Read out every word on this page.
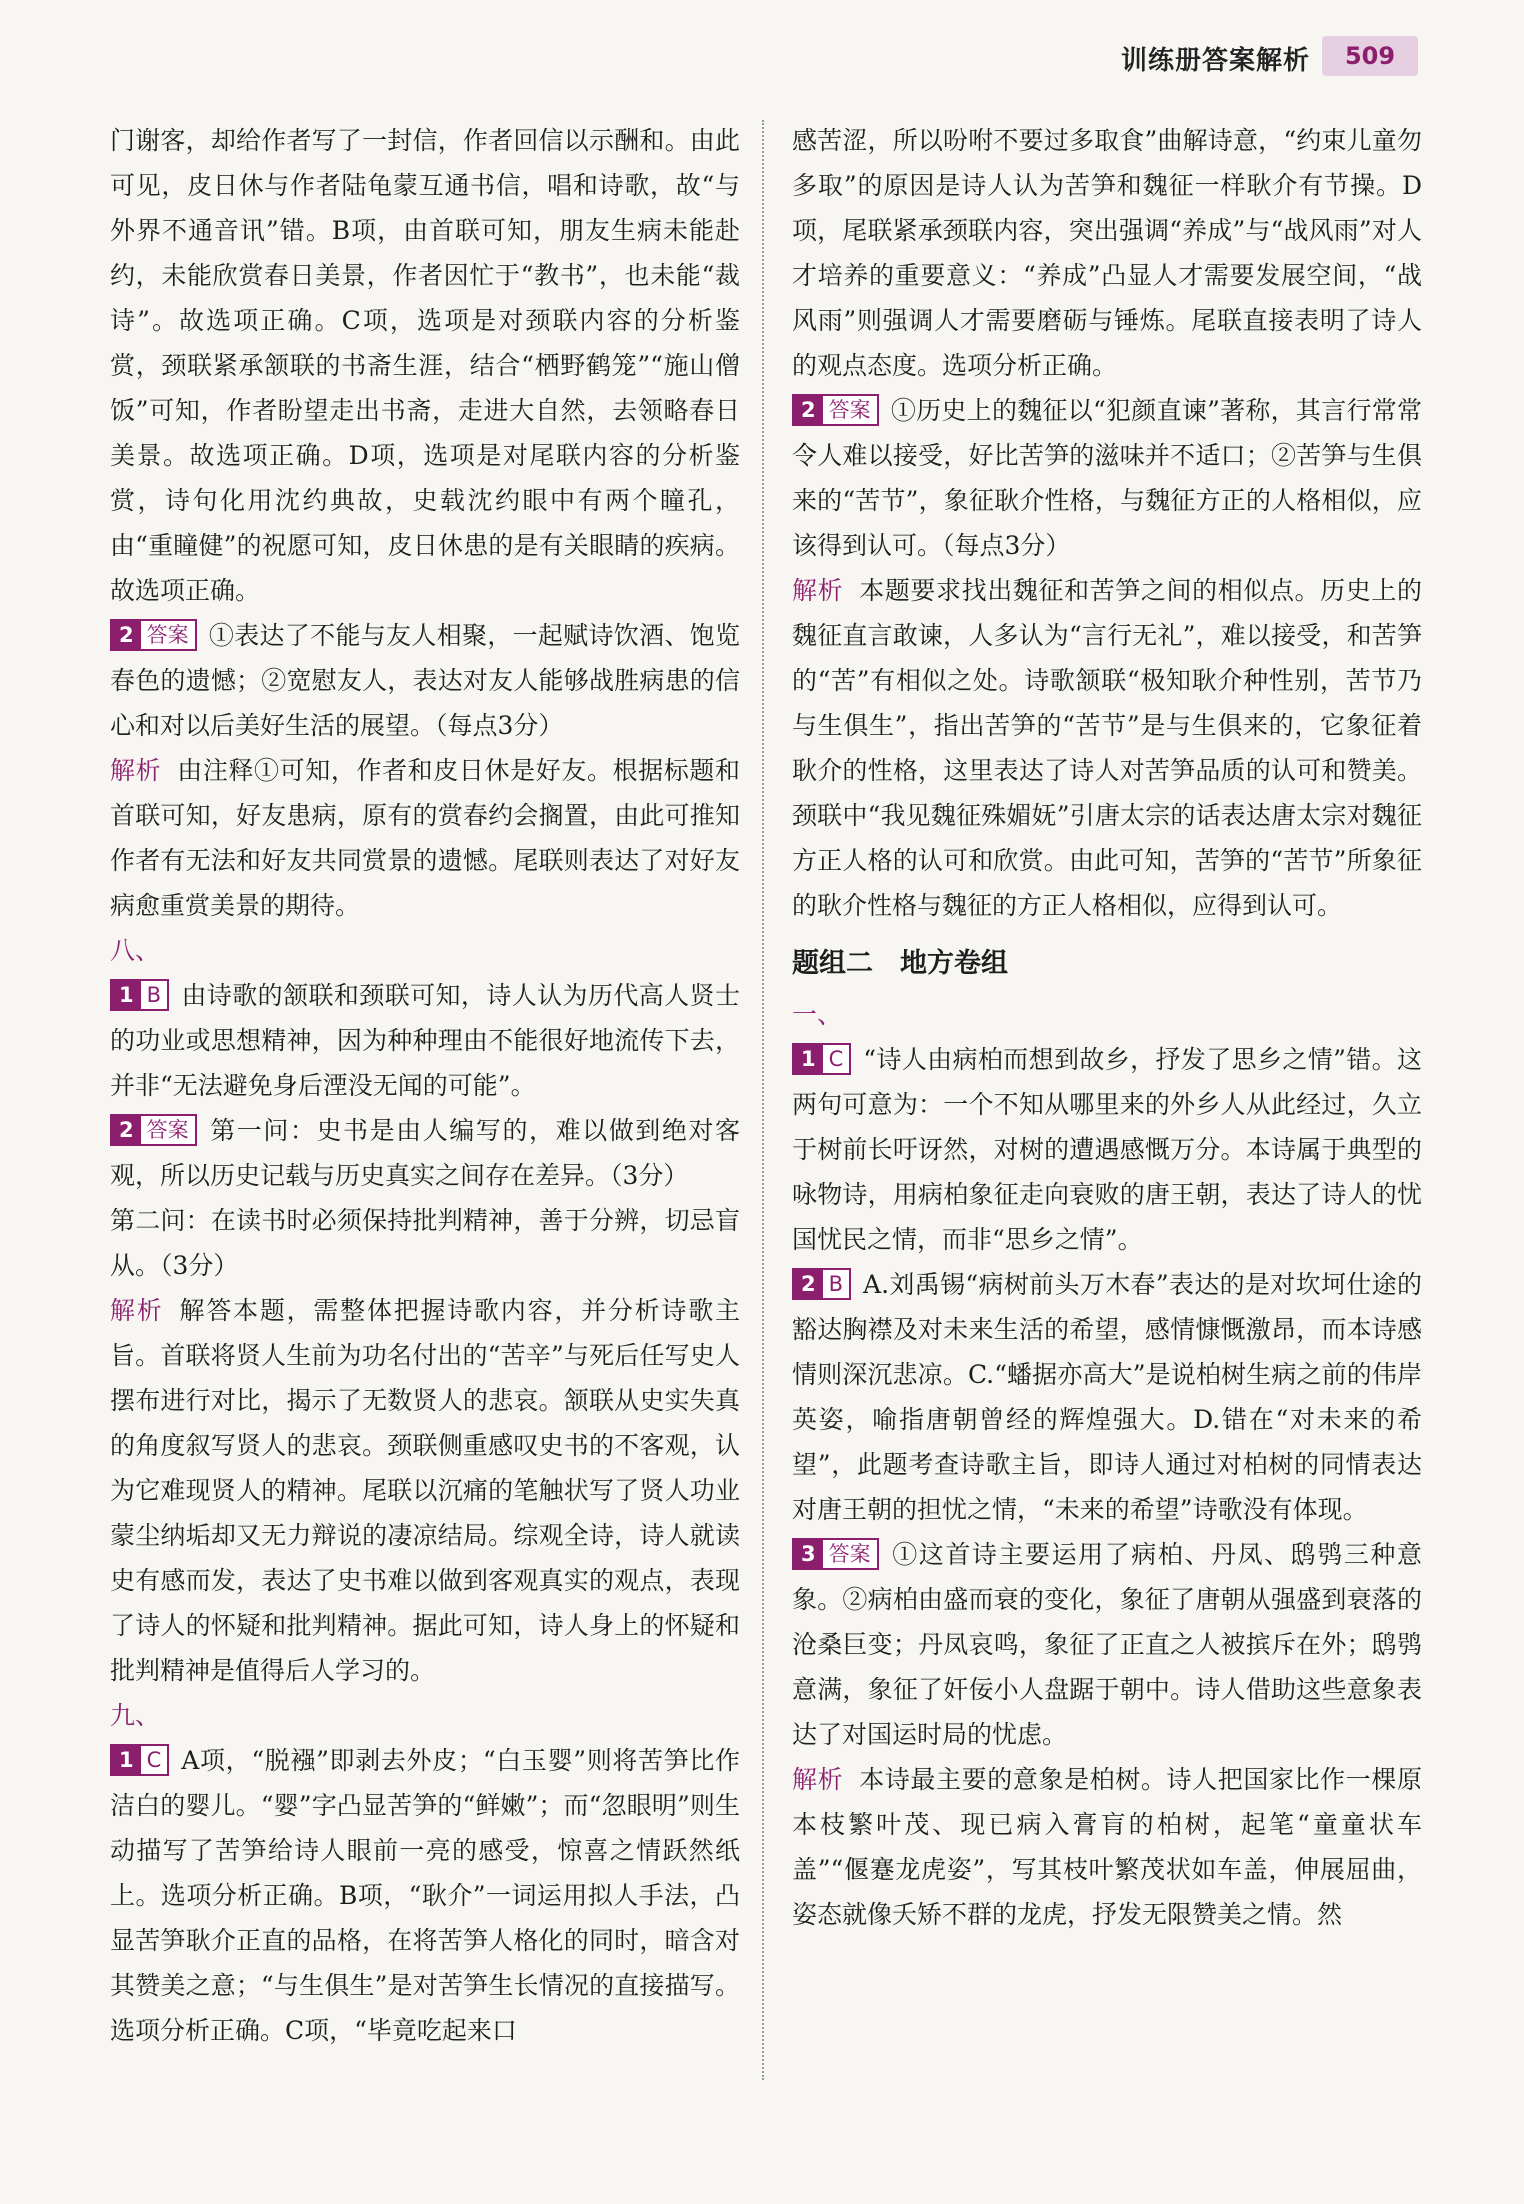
训练册答案解析	509

门谢客，却给作者写了一封信，作者回信以示酬和。由此可见，皮日休与作者陆龟蒙互通书信，唱和诗歌，故“与外界不通音讯”错。B项，由首联可知，朋友生病未能赴约，未能欣赏春日美景，作者因忙于“教书”，也未能“裁诗”。故选项正确。C项，选项是对颈联内容的分析鉴赏，颈联紧承颔联的书斋生涯，结合“栖野鹤笼”“施山僧饭”可知，作者盼望走出书斋，走进大自然，去领略春日美景。故选项正确。D项，选项是对尾联内容的分析鉴赏，诗句化用沈约典故，史载沈约眼中有两个瞳孔，由“重瞳健”的祝愿可知，皮日休患的是有关眼睛的疾病。故选项正确。

2 答案 ①表达了不能与友人相聚，一起赋诗饮酒、饱览春色的遗憾；②宽慰友人，表达对友人能够战胜病患的信心和对以后美好生活的展望。（每点3分）

解析 由注释①可知，作者和皮日休是好友。根据标题和首联可知，好友患病，原有的赏春约会搁置，由此可推知作者有无法和好友共同赏景的遗憾。尾联则表达了对好友病愈重赏美景的期待。

八、

1 B 由诗歌的颔联和颈联可知，诗人认为历代高人贤士的功业或思想精神，因为种种理由不能很好地流传下去，并非“无法避免身后湮没无闻的可能”。

2 答案 第一问：史书是由人编写的，难以做到绝对客观，所以历史记载与历史真实之间存在差异。（3分）

第二问：在读书时必须保持批判精神，善于分辨，切忌盲从。（3分）

解析 解答本题，需整体把握诗歌内容，并分析诗歌主旨。首联将贤人生前为功名付出的“苦辛”与死后任写史人摆布进行对比，揭示了无数贤人的悲哀。颔联从史实失真的角度叙写贤人的悲哀。颈联侧重感叹史书的不客观，认为它难现贤人的精神。尾联以沉痛的笔触状写了贤人功业蒙尘纳垢却又无力辩说的凄凉结局。综观全诗，诗人就读史有感而发，表达了史书难以做到客观真实的观点，表现了诗人的怀疑和批判精神。据此可知，诗人身上的怀疑和批判精神是值得后人学习的。

九、

1 C A项，“脱襁”即剥去外皮；“白玉婴”则将苦笋比作洁白的婴儿。“婴”字凸显苦笋的“鲜嫩”；而“忽眼明”则生动描写了苦笋给诗人眼前一亮的感受，惊喜之情跃然纸上。选项分析正确。B项，“耿介”一词运用拟人手法，凸显苦笋耿介正直的品格，在将苦笋人格化的同时，暗含对其赞美之意；“与生俱生”是对苦笋生长情况的直接描写。选项分析正确。C项，“毕竟吃起来口

感苦涩，所以吩咐不要过多取食”曲解诗意，“约束儿童勿多取”的原因是诗人认为苦笋和魏征一样耿介有节操。D项，尾联紧承颈联内容，突出强调“养成”与“战风雨”对人才培养的重要意义：“养成”凸显人才需要发展空间，“战风雨”则强调人才需要磨砺与锤炼。尾联直接表明了诗人的观点态度。选项分析正确。

2 答案 ①历史上的魏征以“犯颜直谏”著称，其言行常常令人难以接受，好比苦笋的滋味并不适口；②苦笋与生俱来的“苦节”，象征耿介性格，与魏征方正的人格相似，应该得到认可。（每点3分）

解析 本题要求找出魏征和苦笋之间的相似点。历史上的魏征直言敢谏，人多认为“言行无礼”，难以接受，和苦笋的“苦”有相似之处。诗歌颔联“极知耿介种性别，苦节乃与生俱生”，指出苦笋的“苦节”是与生俱来的，它象征着耿介的性格，这里表达了诗人对苦笋品质的认可和赞美。颈联中“我见魏征殊媚妩”引唐太宗的话表达唐太宗对魏征方正人格的认可和欣赏。由此可知，苦笋的“苦节”所象征的耿介性格与魏征的方正人格相似，应得到认可。

题组二　地方卷组
一、

1 C “诗人由病柏而想到故乡，抒发了思乡之情”错。这两句可意为：一个不知从哪里来的外乡人从此经过，久立于树前长吁讶然，对树的遭遇感慨万分。本诗属于典型的咏物诗，用病柏象征走向衰败的唐王朝，表达了诗人的忧国忧民之情，而非“思乡之情”。

2 B A.刘禹锡“病树前头万木春”表达的是对坎坷仕途的豁达胸襟及对未来生活的希望，感情慷慨激昂，而本诗感情则深沉悲凉。C.“蟠据亦高大”是说柏树生病之前的伟岸英姿，喻指唐朝曾经的辉煌强大。D.错在“对未来的希望”，此题考查诗歌主旨，即诗人通过对柏树的同情表达对唐王朝的担忧之情，“未来的希望”诗歌没有体现。

3 答案 ①这首诗主要运用了病柏、丹凤、鸱鸮三种意象。②病柏由盛而衰的变化，象征了唐朝从强盛到衰落的沧桑巨变；丹凤哀鸣，象征了正直之人被摈斥在外；鸱鸮意满，象征了奸佞小人盘踞于朝中。诗人借助这些意象表达了对国运时局的忧虑。

解析 本诗最主要的意象是柏树。诗人把国家比作一棵原本枝繁叶茂、现已病入膏肓的柏树，起笔“童童状车盖”“偃蹇龙虎姿”，写其枝叶繁茂状如车盖，伸展屈曲，姿态就像夭矫不群的龙虎，抒发无限赞美之情。然
